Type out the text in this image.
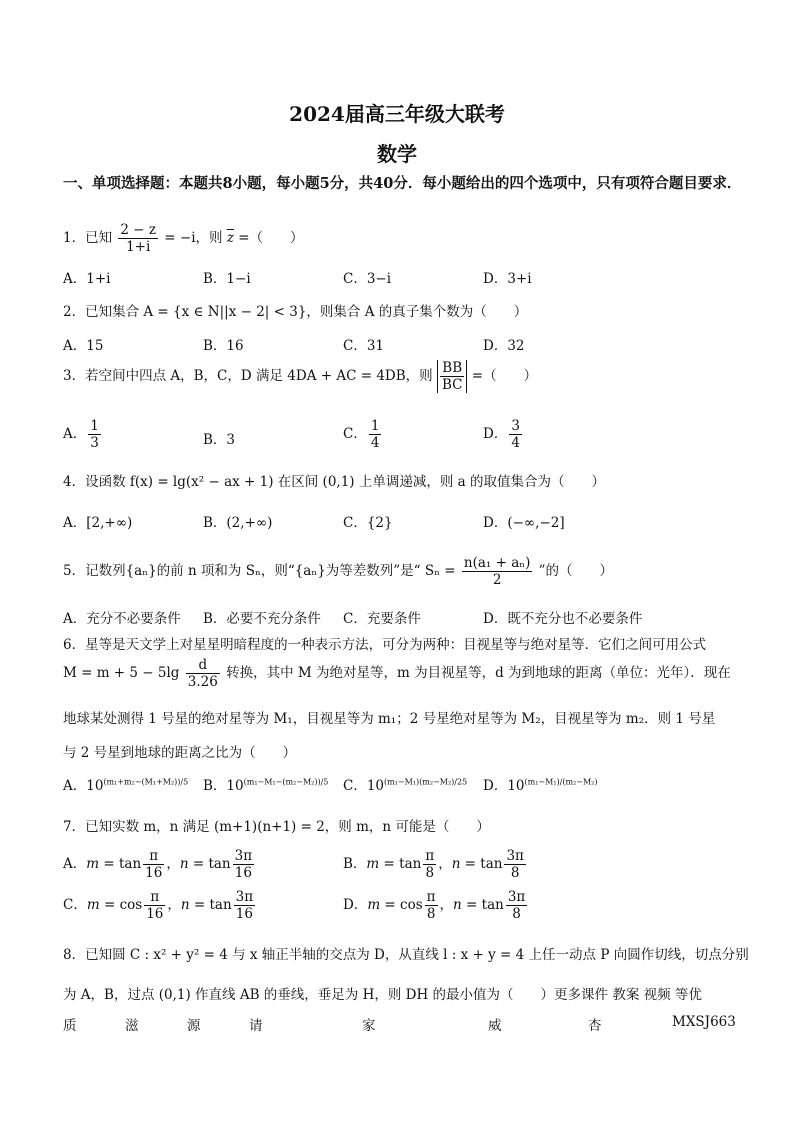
2024届高三年级大联考
数学
一、单项选择题：本题共8小题，每小题5分，共40分．每小题给出的四个选项中，只有项符合题目要求．
1．已知 $\frac{2 - z}{1+i} = -i$，则 $\overline{z}$ =（　　）
A．1+i	B．1−i	C．3−i	D．3+i
2．已知集合 A = {x ∈ N||x − 2| < 3}，则集合 A 的真子集个数为（　　）
A．15	B．16	C．31	D．32
3．若空间中四点 A，B，C，D 满足 4DA + AC = 4DB，则 $\frac{BB}{BC}$ =（　　）
A． $\frac{1}{3}$	B．3	C． $\frac{1}{4}$	D． $\frac{3}{4}$
4．设函数 f(x) = lg(x² − ax + 1) 在区间 (0,1) 上单调递减，则 a 的取值集合为（　　）
A．[2,+∞)	B．(2,+∞)	C．{2}	D．(−∞,−2]
5．记数列{aₙ}的前 n 项和为 Sₙ，则“{aₙ}为等差数列”是“ $S_n = \frac{\text{n(a₁ + aₙ)}}{2}$ ”的（　　）
A．充分不必要条件 B．必要不充分条件 C．充要条件	D．既不充分也不必要条件
6．星等是天文学上对星星明暗程度的一种表示方法，可分为两种：目视星等与绝对星等．它们之间可用公式
$M = m + 5 - 5\lg \frac{d}{3.26}$ 转换，其中 M 为绝对星等，m 为目视星等，d 为到地球的距离（单位：光年）．现在
地球某处测得 1 号星的绝对星等为 M₁，目视星等为 m₁；2 号星绝对星等为 M₂，目视星等为 m₂．则 1 号星
与 2 号星到地球的距离之比为（　　）
A．$10^{(m_1+m_2-(M_1+M_2))/5}$ B．$10^{(m_1-M_1-(m_2-M_2))/5}$ C．$10^{(m_1-M_1)(m_2-M_2)/25}$ D．$10^{(m_1-M_1)/(m_2-M_2)}$
7．已知实数 m，n 满足 (m+1)(n+1) = 2，则 m，n 可能是（　　）
A．$m = \tan \frac{\pi}{16}$ ，$n = \tan \frac{3\pi}{16}$	B．$m = \tan \frac{\pi}{8}$ ，$n = \tan \frac{3\pi}{8}$
C．$m = \cos \frac{\pi}{16}$ ，$n = \tan \frac{3\pi}{16}$	D．$m = \cos \frac{\pi}{8}$ ，$n = \tan \frac{3\pi}{8}$
8．已知圆 C : x² + y² = 4 与 x 轴正半轴的交点为 D，从直线 l : x + y = 4 上任一动点 P 向圆作切线，切点分别
为 A，B，过点 (0,1) 作直线 AB 的垂线，垂足为 H，则 DH 的最小值为（　　）更多课件 教案 视频 等优
质	滋	源	请	家	威	杏	MXSJ663
